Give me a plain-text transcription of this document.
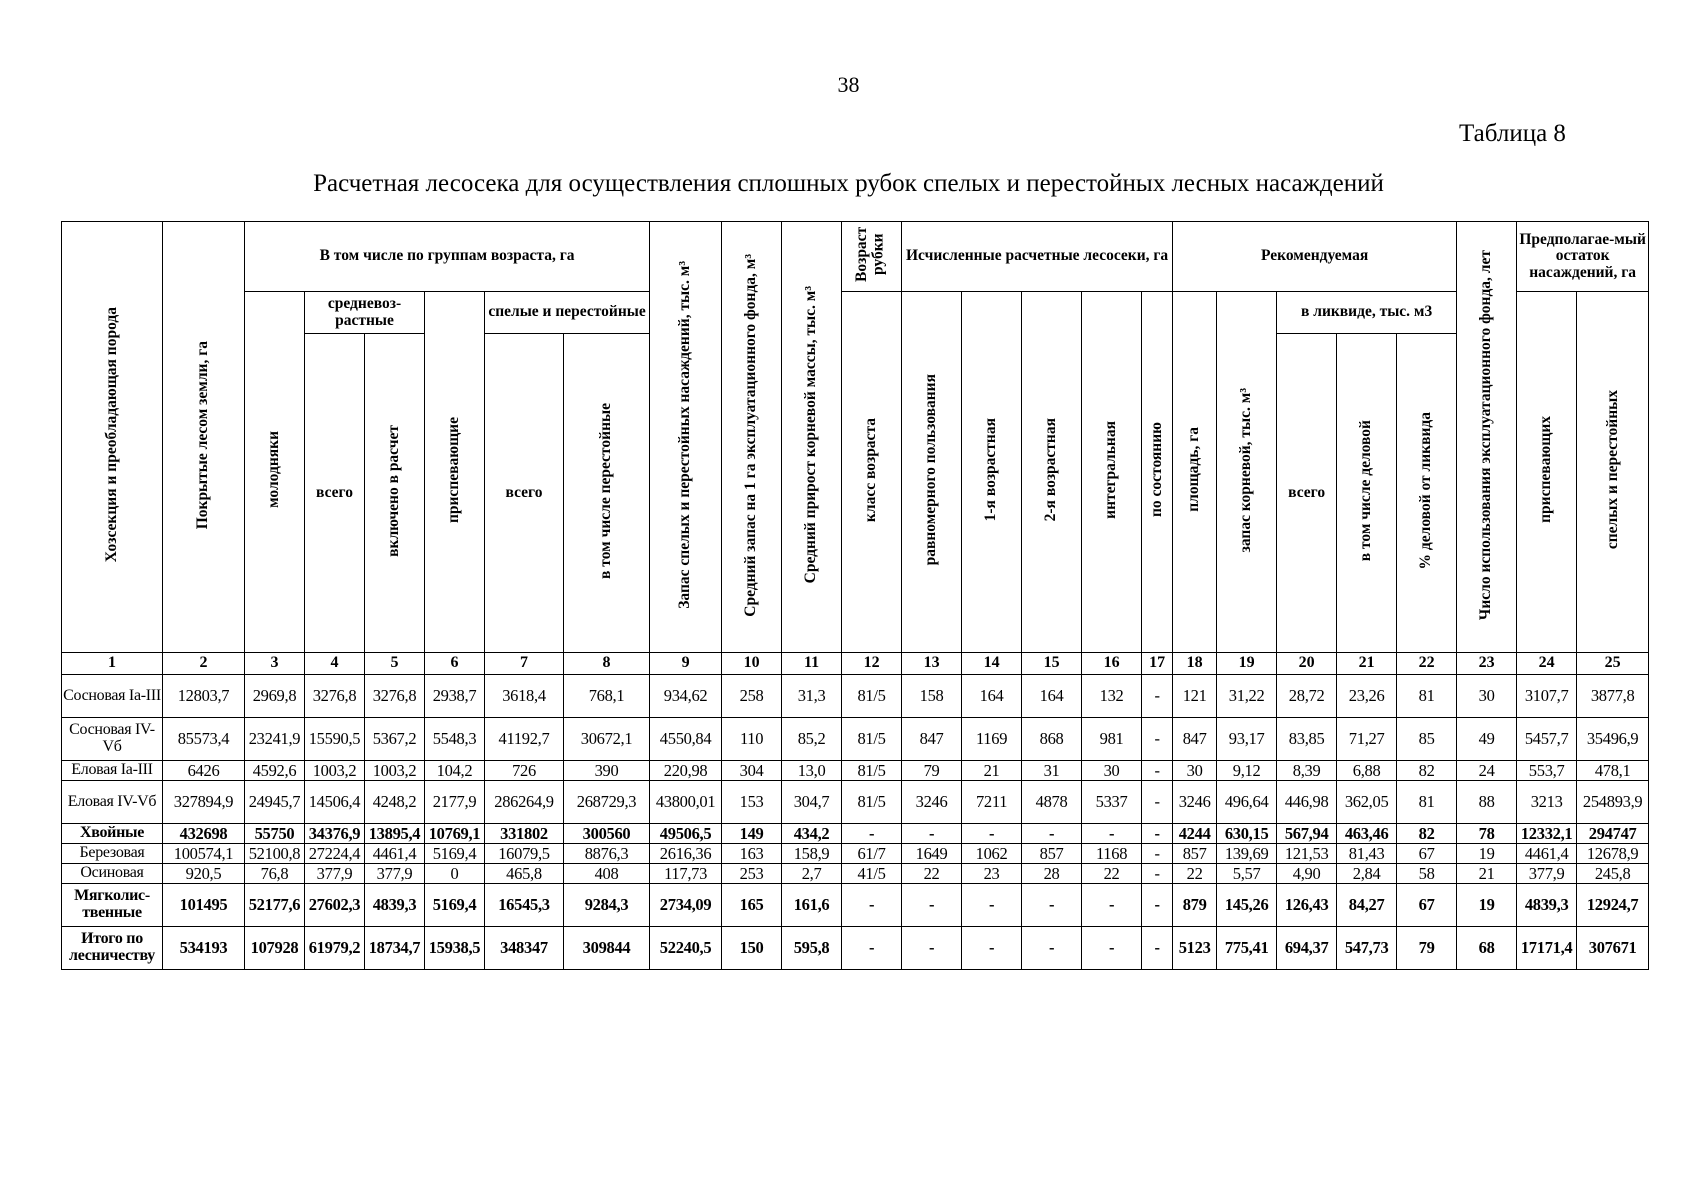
38
Таблица 8
Расчетная лесосека для осуществления сплошных рубок спелых и перестойных лесных насаждений
Хозсекция и преобладающая порода	Покрытые лесом земли, га	В том числе по группам возраста, га						Запас спелых и перестойных насаждений, тыс. м³	Средний запас на 1 га эксплуатационного фонда, м³	Средний прирост корневой массы, тыс. м³	Возраст рубки	Исчисленные расчетные лесосеки, га					Рекомендуемая					Число использования эксплуатационного фонда, лет	Предполагае-мый остаток насаждений, га	
		молодняки	средневоз-растные		приспевающие	спелые и перестойные					класс возраста	равномерного пользования	1-я возрастная	2-я возрастная	интегральная	по состоянию	площадь, га	запас корневой, тыс. м³	в ликвиде, тыс. м3				приспевающих	спелых и перестойных
			всего	включено в расчет		всего	в том числе перестойные												всего	в том числе деловой	% деловой от ликвида			
1	2	3	4	5	6	7	8	9	10	11	12	13	14	15	16	17	18	19	20	21	22	23	24	25
Сосновая Iа-III	12803,7	2969,8	3276,8	3276,8	2938,7	3618,4	768,1	934,62	258	31,3	81/5	158	164	164	132	-	121	31,22	28,72	23,26	81	30	3107,7	3877,8
Сосновая IV-Vб	85573,4	23241,9	15590,5	5367,2	5548,3	41192,7	30672,1	4550,84	110	85,2	81/5	847	1169	868	981	-	847	93,17	83,85	71,27	85	49	5457,7	35496,9
Еловая Iа-III	6426	4592,6	1003,2	1003,2	104,2	726	390	220,98	304	13,0	81/5	79	21	31	30	-	30	9,12	8,39	6,88	82	24	553,7	478,1
Еловая IV-Vб	327894,9	24945,7	14506,4	4248,2	2177,9	286264,9	268729,3	43800,01	153	304,7	81/5	3246	7211	4878	5337	-	3246	496,64	446,98	362,05	81	88	3213	254893,9
Хвойные	432698	55750	34376,9	13895,4	10769,1	331802	300560	49506,5	149	434,2	-	-	-	-	-	-	4244	630,15	567,94	463,46	82	78	12332,1	294747
Березовая	100574,1	52100,8	27224,4	4461,4	5169,4	16079,5	8876,3	2616,36	163	158,9	61/7	1649	1062	857	1168	-	857	139,69	121,53	81,43	67	19	4461,4	12678,9
Осиновая	920,5	76,8	377,9	377,9	0	465,8	408	117,73	253	2,7	41/5	22	23	28	22	-	22	5,57	4,90	2,84	58	21	377,9	245,8
Мягколис-твенные	101495	52177,6	27602,3	4839,3	5169,4	16545,3	9284,3	2734,09	165	161,6	-	-	-	-	-	-	879	145,26	126,43	84,27	67	19	4839,3	12924,7
Итого по лесничеству	534193	107928	61979,2	18734,7	15938,5	348347	309844	52240,5	150	595,8	-	-	-	-	-	-	5123	775,41	694,37	547,73	79	68	17171,4	307671
